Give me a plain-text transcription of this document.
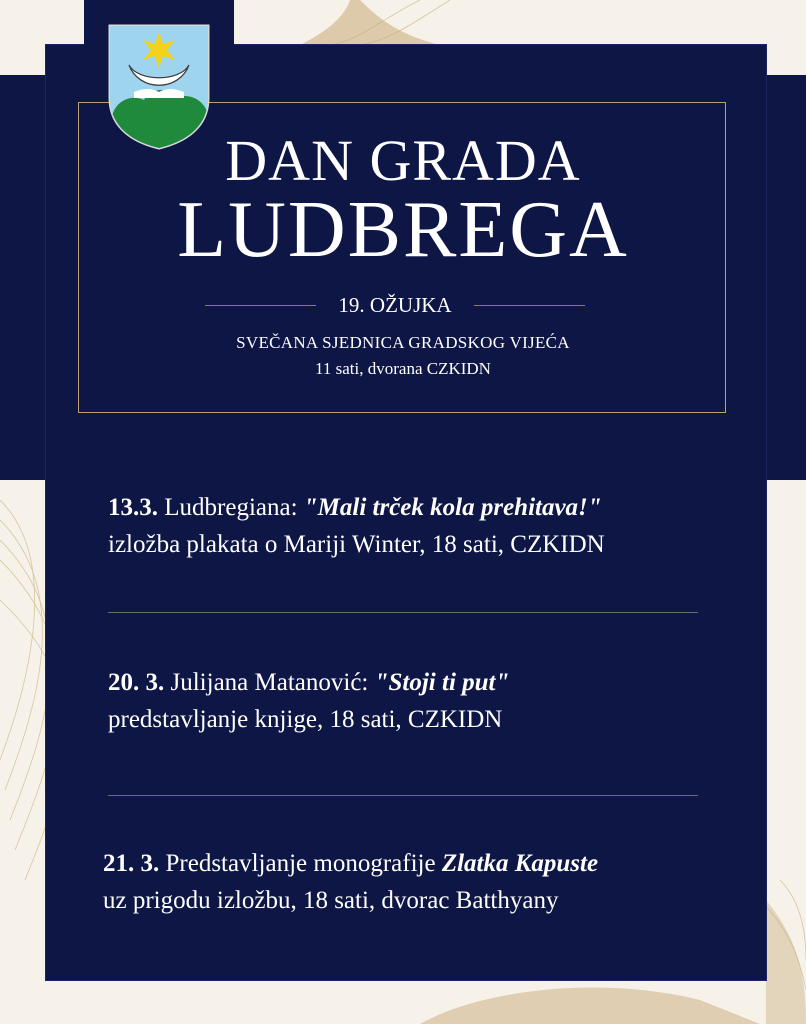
DAN GRADA
LUDBREGA
19. OŽUJKA
SVEČANA SJEDNICA GRADSKOG VIJEĆA
11 sati, dvorana CZKIDN
13.3. Ludbregiana: "Mali trček kola prehitava!"
izložba plakata o Mariji Winter, 18 sati, CZKIDN
20. 3. Julijana Matanović: "Stoji ti put"
predstavljanje knjige, 18 sati, CZKIDN
21. 3. Predstavljanje monografije Zlatka Kapuste
uz prigodu izložbu, 18 sati, dvorac Batthyany
